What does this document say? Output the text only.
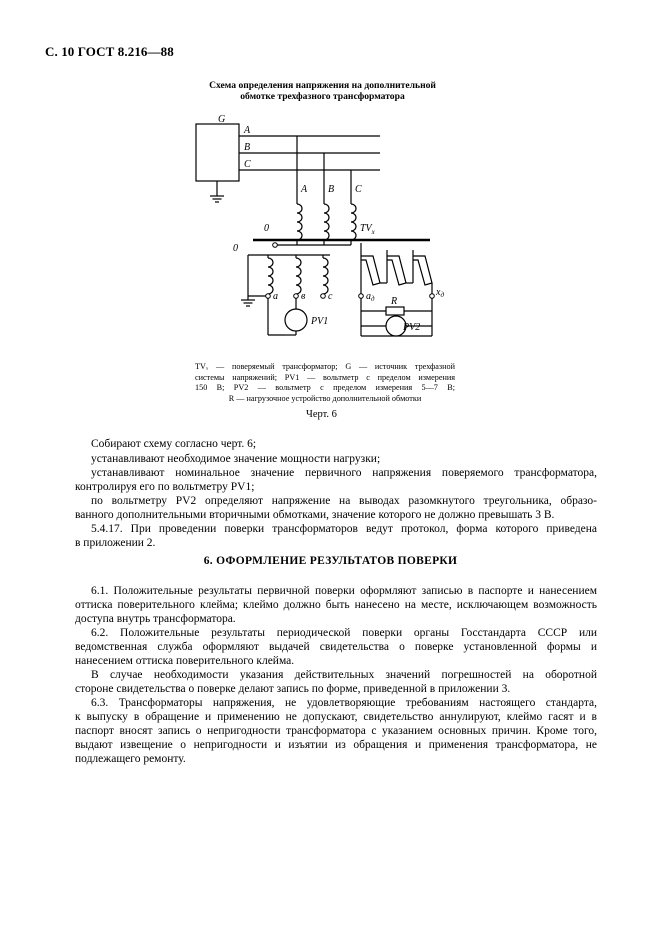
С. 10 ГОСТ 8.216—88
Схема определения напряжения на дополнительной
обмотке трехфазного трансформатора
G
A
B
C
A B C
0	$TV_x$
0
a в c	$a_д$
$x_д$
R
PV1
PV2
TVₓ — поверяемый трансформатор; G — источник трехфазной
системы напряжений; PV1 — вольтметр с пределом измерения
150 В; PV2 — вольтметр с пределом измерения 5—7 В;
R — нагрузочное устройство дополнительной обмотки
Черт. 6
Собирают схему согласно черт. 6;
устанавливают необходимое значение мощности нагрузки;
устанавливают номинальное значение первичного напряжения поверяемого трансформатора,
контролируя его по вольтметру PV1;
по вольтметру PV2 определяют напряжение на выводах разомкнутого треугольника, образо-
ванного дополнительными вторичными обмотками, значение которого не должно превышать 3 В.
5.4.17. При проведении поверки трансформаторов ведут протокол, форма которого приведена
в приложении 2.
6. ОФОРМЛЕНИЕ РЕЗУЛЬТАТОВ ПОВЕРКИ
6.1. Положительные результаты первичной поверки оформляют записью в паспорте и нанесением
оттиска поверительного клейма; клеймо должно быть нанесено на месте, исключающем возможность
доступа внутрь трансформатора.
6.2. Положительные результаты периодической поверки органы Госстандарта СССР или
ведомственная служба оформляют выдачей свидетельства о поверке установленной формы и
нанесением оттиска поверительного клейма.
В случае необходимости указания действительных значений погрешностей на оборотной
стороне свидетельства о поверке делают запись по форме, приведенной в приложении 3.
6.3. Трансформаторы напряжения, не удовлетворяющие требованиям настоящего стандарта,
к выпуску в обращение и применению не допускают, свидетельство аннулируют, клеймо гасят и в
паспорт вносят запись о непригодности трансформатора с указанием основных причин. Кроме того,
выдают извещение о непригодности и изъятии из обращения и применения трансформатора, не
подлежащего ремонту.
